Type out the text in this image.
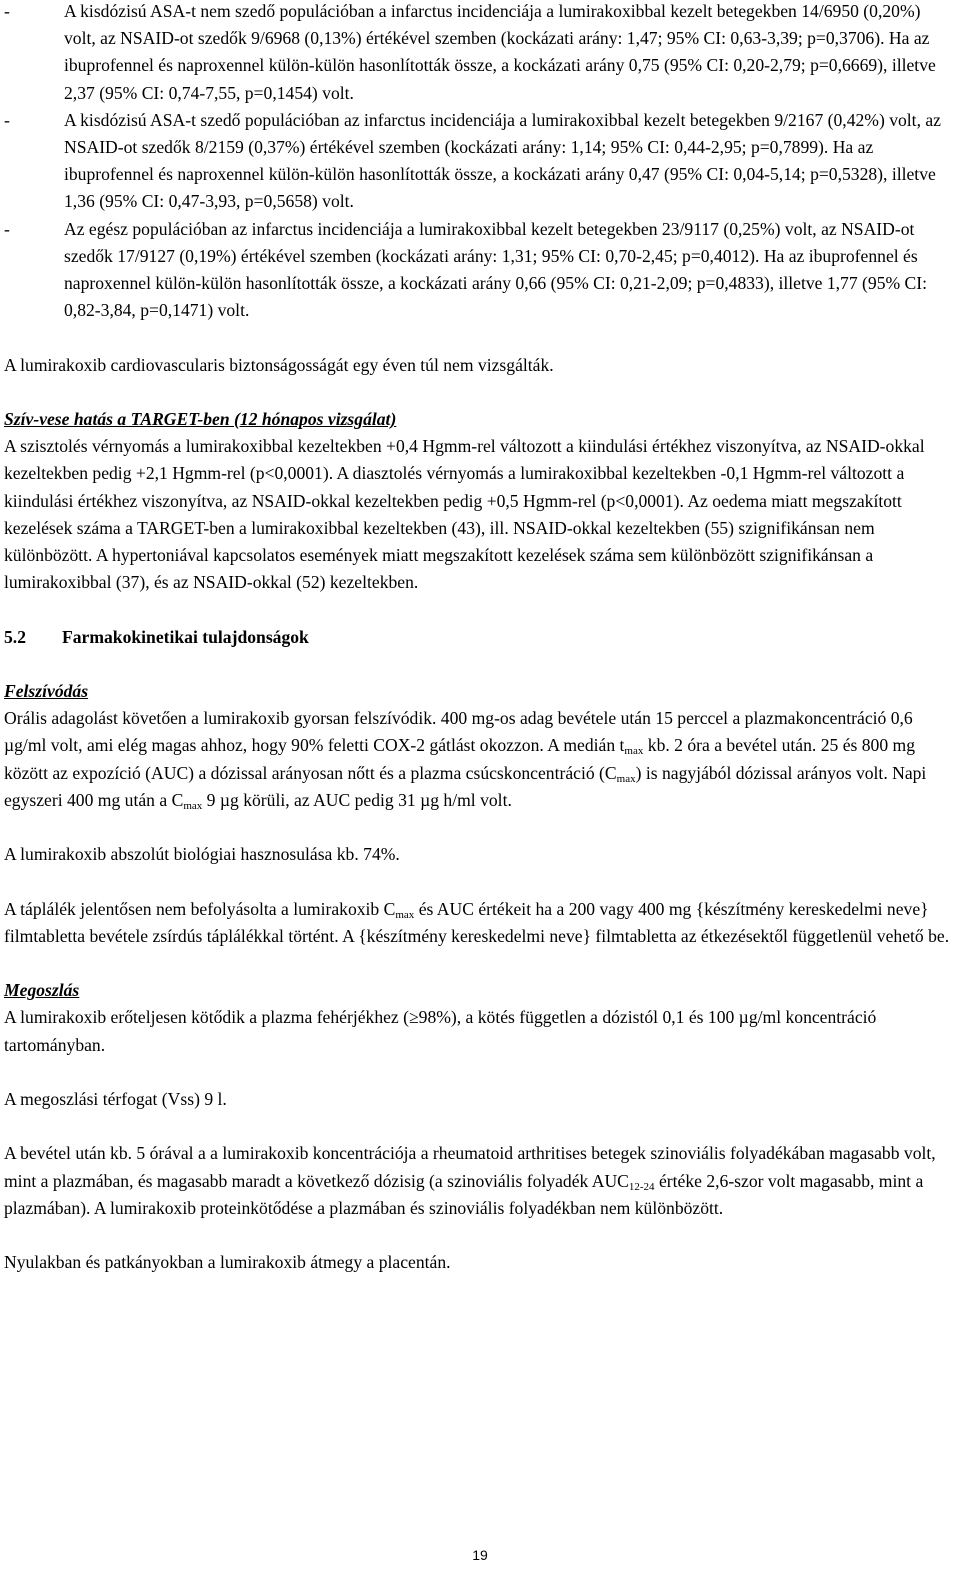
-	A kisdózisú ASA-t nem szedő populációban a infarctus incidenciája a lumirakoxibbal kezelt betegekben 14/6950 (0,20%) volt, az NSAID-ot szedők 9/6968 (0,13%) értékével szemben (kockázati arány: 1,47; 95% CI: 0,63-3,39; p=0,3706). Ha az ibuprofennel és naproxennel külön-külön hasonlították össze, a kockázati arány 0,75 (95% CI: 0,20-2,79; p=0,6669), illetve 2,37 (95% CI: 0,74-7,55, p=0,1454) volt.

-	A kisdózisú ASA-t szedő populációban az infarctus incidenciája a lumirakoxibbal kezelt betegekben 9/2167 (0,42%) volt, az NSAID-ot szedők 8/2159 (0,37%) értékével szemben (kockázati arány: 1,14; 95% CI: 0,44-2,95; p=0,7899). Ha az ibuprofennel és naproxennel külön-külön hasonlították össze, a kockázati arány 0,47 (95% CI: 0,04-5,14; p=0,5328), illetve 1,36 (95% CI: 0,47-3,93, p=0,5658) volt.

-	Az egész populációban az infarctus incidenciája a lumirakoxibbal kezelt betegekben 23/9117 (0,25%) volt, az NSAID-ot szedők 17/9127 (0,19%) értékével szemben (kockázati arány: 1,31; 95% CI: 0,70-2,45; p=0,4012). Ha az ibuprofennel és naproxennel külön-külön hasonlították össze, a kockázati arány 0,66 (95% CI: 0,21-2,09; p=0,4833), illetve 1,77 (95% CI: 0,82-3,84, p=0,1471) volt.

A lumirakoxib cardiovascularis biztonságosságát egy éven túl nem vizsgálták.

Szív-vese hatás a TARGET-ben (12 hónapos vizsgálat)

A szisztolés vérnyomás a lumirakoxibbal kezeltekben +0,4 Hgmm-rel változott a kiindulási értékhez viszonyítva, az NSAID-okkal kezeltekben pedig +2,1 Hgmm-rel (p<0,0001). A diasztolés vérnyomás a lumirakoxibbal kezeltekben -0,1 Hgmm-rel változott a kiindulási értékhez viszonyítva, az NSAID-okkal kezeltekben pedig +0,5 Hgmm-rel (p<0,0001). Az oedema miatt megszakított kezelések száma a TARGET-ben a lumirakoxibbal kezeltekben (43), ill. NSAID-okkal kezeltekben (55) szignifikánsan nem különbözött. A hypertoniával kapcsolatos események miatt megszakított kezelések száma sem különbözött szignifikánsan a lumirakoxibbal (37), és az NSAID-okkal (52) kezeltekben.

5.2 Farmakokinetikai tulajdonságok

Felszívódás

Orális adagolást követően a lumirakoxib gyorsan felszívódik. 400 mg-os adag bevétele után 15 perccel a plazmakoncentráció 0,6 µg/ml volt, ami elég magas ahhoz, hogy 90% feletti COX-2 gátlást okozzon. A medián $t_{max}$ kb. 2 óra a bevétel után. 25 és 800 mg között az expozíció (AUC) a dózissal arányosan nőtt és a plazma csúcskoncentráció $(C_{max})$ is nagyjából dózissal arányos volt. Napi egyszeri 400 mg után a $C_{max}$ 9 µg körüli, az AUC pedig 31 µg h/ml volt.

A lumirakoxib abszolút biológiai hasznosulása kb. 74%.

A táplálék jelentősen nem befolyásolta a lumirakoxib $C_{max}$ és AUC értékeit ha a 200 vagy 400 mg {készítmény kereskedelmi neve} filmtabletta bevétele zsírdús táplálékkal történt. A {készítmény kereskedelmi neve} filmtabletta az étkezésektől függetlenül vehető be.

Megoszlás

A lumirakoxib erőteljesen kötődik a plazma fehérjékhez (≥98%), a kötés független a dózistól 0,1 és 100 µg/ml koncentráció tartományban.

A megoszlási térfogat (Vss) 9 l.

A bevétel után kb. 5 órával a a lumirakoxib koncentrációja a rheumatoid arthritises betegek szinoviális folyadékában magasabb volt, mint a plazmában, és magasabb maradt a következő dózisig (a szinoviális folyadék $AUC_{12-24}$ értéke 2,6-szor volt magasabb, mint a plazmában). A lumirakoxib proteinkötődése a plazmában és szinoviális folyadékban nem különbözött.

Nyulakban és patkányokban a lumirakoxib átmegy a placentán.

19
